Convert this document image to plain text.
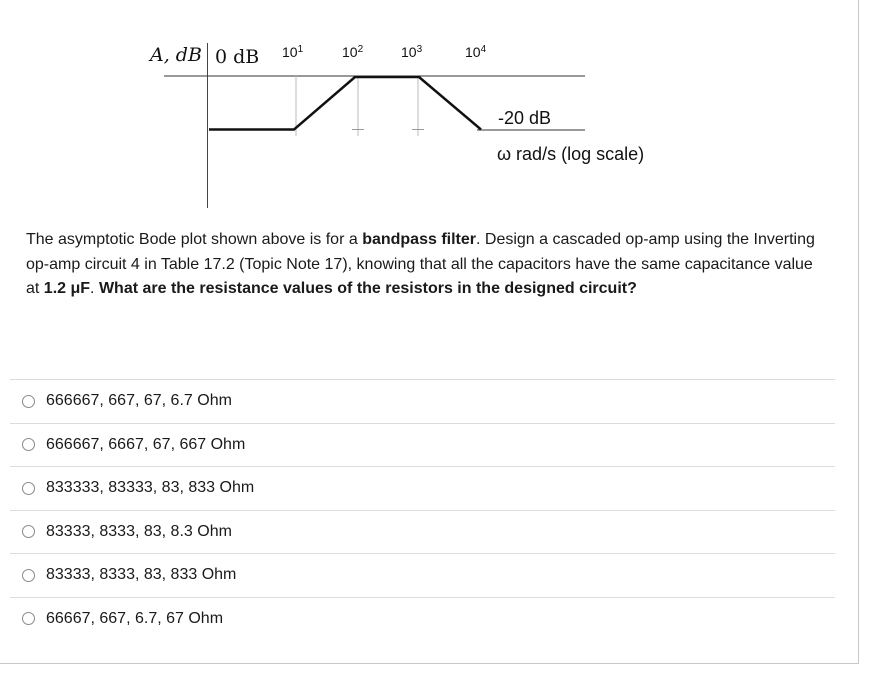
A, dB 0 dB $10^1$	$10^2$	$10^3$	$10^4$
-20 dB
ω rad/s (log scale)

The asymptotic Bode plot shown above is for a bandpass filter. Design a cascaded op-amp using the Inverting op-amp circuit 4 in Table 17.2 (Topic Note 17), knowing that all the capacitors have the same capacitance value at 1.2 μF. What are the resistance values of the resistors in the designed circuit?

666667, 667, 67, 6.7 Ohm
666667, 6667, 67, 667 Ohm
833333, 83333, 83, 833 Ohm
83333, 8333, 83, 8.3 Ohm
83333, 8333, 83, 833 Ohm
66667, 667, 6.7, 67 Ohm
